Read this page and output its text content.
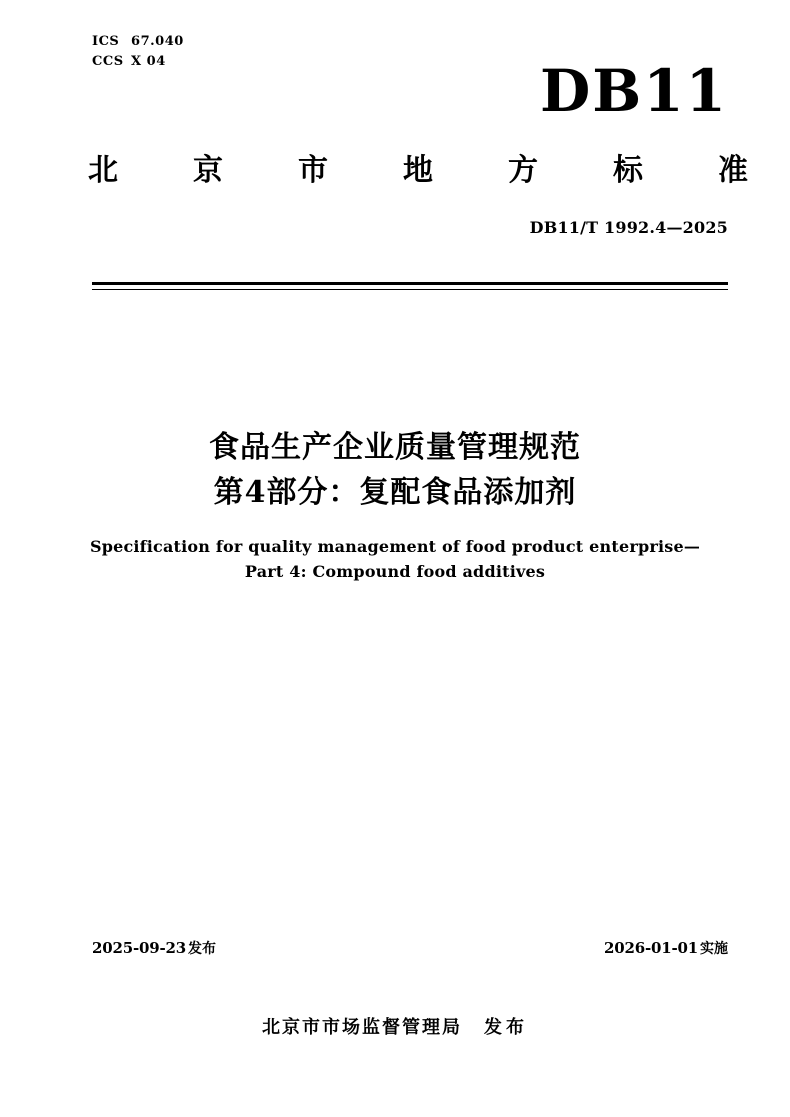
ICS 67.040
CCS X 04	DB11
北	京	市	地	方	标	准
DB11/T 1992.4—2025
食品生产企业质量管理规范
第4部分：复配食品添加剂
Specification for quality management of food product enterprise—
Part 4: Compound food additives
2025-09-23 发布	2026-01-01 实施
北京市市场监督管理局 发布
